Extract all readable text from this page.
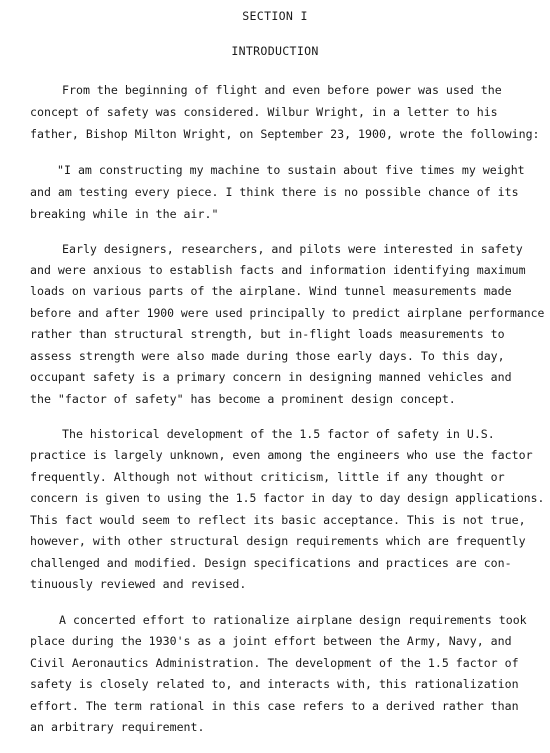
SECTION I
INTRODUCTION
From the beginning of flight and even before power was used the
concept of safety was considered. Wilbur Wright, in a letter to his
father, Bishop Milton Wright, on September 23, 1900, wrote the following:
"I am constructing my machine to sustain about five times my weight
and am testing every piece. I think there is no possible chance of its
breaking while in the air."
Early designers, researchers, and pilots were interested in safety
and were anxious to establish facts and information identifying maximum
loads on various parts of the airplane. Wind tunnel measurements made
before and after 1900 were used principally to predict airplane performance
rather than structural strength, but in-flight loads measurements to
assess strength were also made during those early days. To this day,
occupant safety is a primary concern in designing manned vehicles and
the "factor of safety" has become a prominent design concept.
The historical development of the 1.5 factor of safety in U.S.
practice is largely unknown, even among the engineers who use the factor
frequently. Although not without criticism, little if any thought or
concern is given to using the 1.5 factor in day to day design applications.
This fact would seem to reflect its basic acceptance. This is not true,
however, with other structural design requirements which are frequently
challenged and modified. Design specifications and practices are con-
tinuously reviewed and revised.
A concerted effort to rationalize airplane design requirements took
place during the 1930's as a joint effort between the Army, Navy, and
Civil Aeronautics Administration. The development of the 1.5 factor of
safety is closely related to, and interacts with, this rationalization
effort. The term rational in this case refers to a derived rather than
an arbitrary requirement.
